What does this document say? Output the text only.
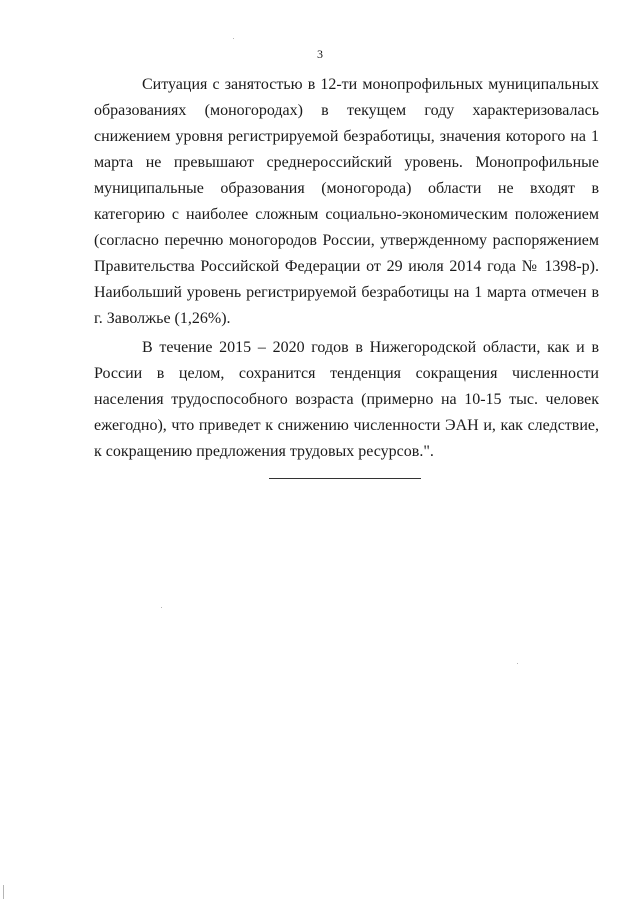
3

Ситуация с занятостью в 12-ти монопрофильных муниципальных образованиях (моногородах) в текущем году характеризовалась снижением уровня регистрируемой безработицы, значения которого на 1 марта не превышают среднероссийский уровень. Монопрофильные муниципальные образования (моногорода) области не входят в категорию с наиболее сложным социально-экономическим положением (согласно перечню моногородов России, утвержденному распоряжением Правительства Российской Федерации от 29 июля 2014 года № 1398-р). Наибольший уровень регистрируемой безработицы на 1 марта отмечен в г. Заволжье (1,26%).

В течение 2015 – 2020 годов в Нижегородской области, как и в России в целом, сохранится тенденция сокращения численности населения трудоспособного возраста (примерно на 10-15 тыс. человек ежегодно), что приведет к снижению численности ЭАН и, как следствие, к сокращению предложения трудовых ресурсов.".
